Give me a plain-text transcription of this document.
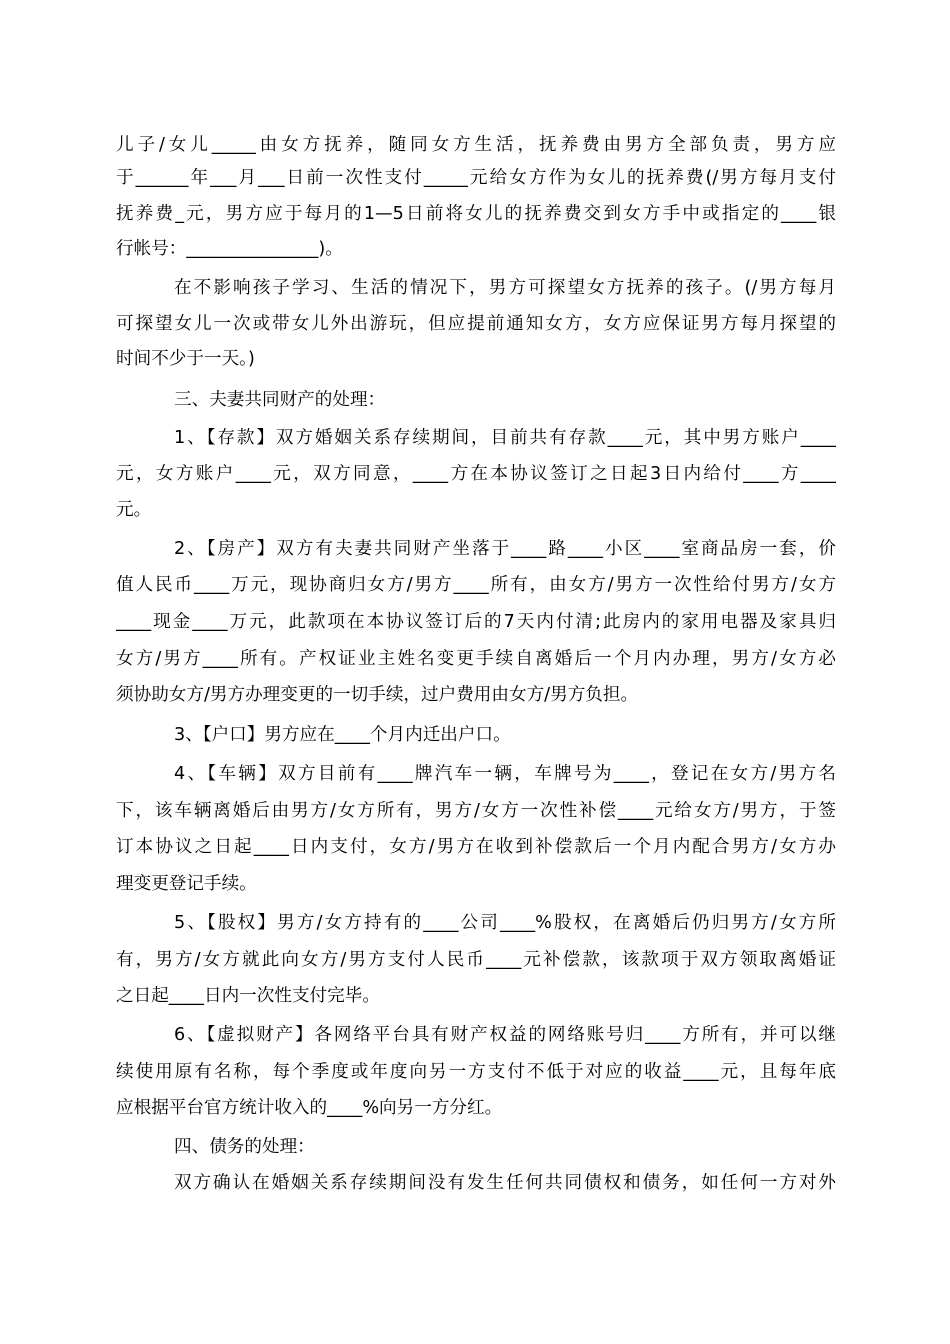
儿子/女儿_____由女方抚养，随同女方生活，抚养费由男方全部负责，男方应
于______年___月___日前一次性支付_____元给女方作为女儿的抚养费(/男方每月支付
抚养费_元，男方应于每月的1—5日前将女儿的抚养费交到女方手中或指定的____银
行帐号：_______________)。
在不影响孩子学习、生活的情况下，男方可探望女方抚养的孩子。(/男方每月
可探望女儿一次或带女儿外出游玩，但应提前通知女方，女方应保证男方每月探望的
时间不少于一天。)
三、夫妻共同财产的处理：
1、【存款】双方婚姻关系存续期间，目前共有存款____元，其中男方账户____
元，女方账户____元，双方同意，____方在本协议签订之日起3日内给付____方____
元。
2、【房产】双方有夫妻共同财产坐落于____路____小区____室商品房一套，价
值人民币____万元，现协商归女方/男方____所有，由女方/男方一次性给付男方/女方
____现金____万元，此款项在本协议签订后的7天内付清;此房内的家用电器及家具归
女方/男方____所有。产权证业主姓名变更手续自离婚后一个月内办理，男方/女方必
须协助女方/男方办理变更的一切手续，过户费用由女方/男方负担。
3、【户口】男方应在____个月内迁出户口。
4、【车辆】双方目前有____牌汽车一辆，车牌号为____，登记在女方/男方名
下，该车辆离婚后由男方/女方所有，男方/女方一次性补偿____元给女方/男方，于签
订本协议之日起____日内支付，女方/男方在收到补偿款后一个月内配合男方/女方办
理变更登记手续。
5、【股权】男方/女方持有的____公司____%股权，在离婚后仍归男方/女方所
有，男方/女方就此向女方/男方支付人民币____元补偿款，该款项于双方领取离婚证
之日起____日内一次性支付完毕。
6、【虚拟财产】各网络平台具有财产权益的网络账号归____方所有，并可以继
续使用原有名称，每个季度或年度向另一方支付不低于对应的收益____元，且每年底
应根据平台官方统计收入的____%向另一方分红。
四、债务的处理：
双方确认在婚姻关系存续期间没有发生任何共同债权和债务，如任何一方对外
